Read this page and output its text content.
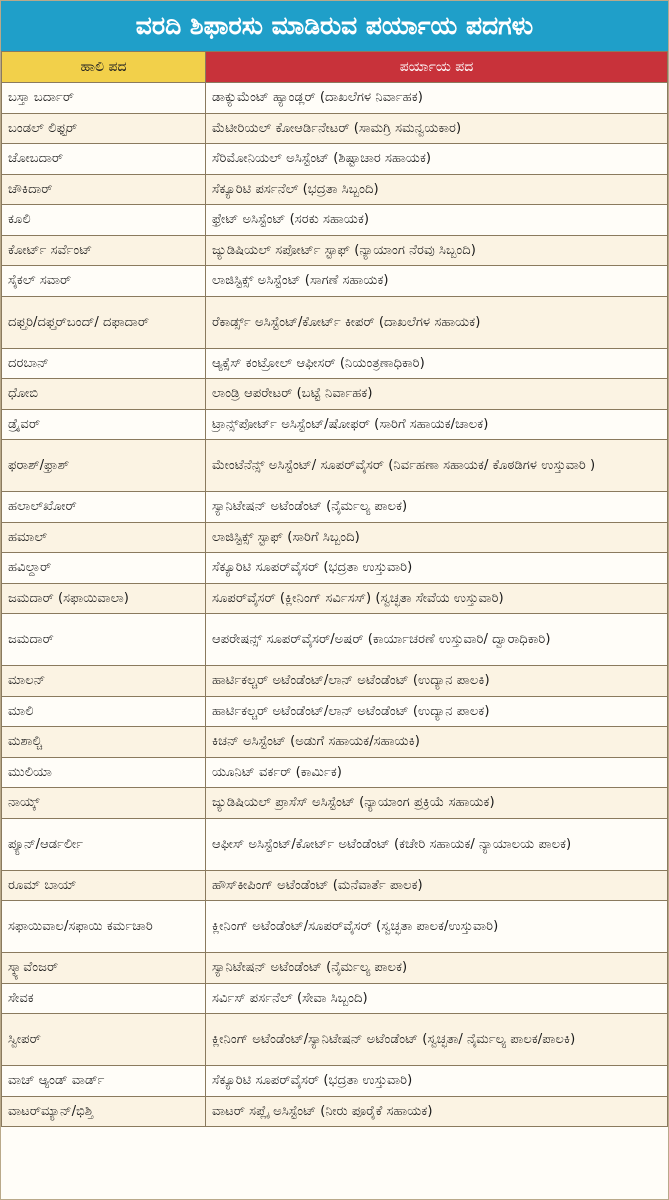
ವರದಿ ಶಿಫಾರಸು ಮಾಡಿರುವ ಪರ್ಯಾಯ ಪದಗಳು
ಹಾಲಿ ಪದ	ಪರ್ಯಾಯ ಪದ
ಬಸ್ತಾ ಬರ್ದಾರ್	ಡಾಕ್ಯುಮೆಂಟ್ ಹ್ಯಾಂಡ್ಲರ್ (ದಾಖಲೆಗಳ ನಿರ್ವಾಹಕ)
ಬಂಡಲ್ ಲಿಫ್ಟರ್	ಮೆಟೀರಿಯಲ್ ಕೋಆರ್ಡಿನೇಟರ್ (ಸಾಮಗ್ರಿ ಸಮನ್ವಯಕಾರ)
ಚೋಬದಾರ್	ಸೆರಿಮೋನಿಯಲ್ ಅಸಿಸ್ಟೆಂಟ್ (ಶಿಷ್ಟಾಚಾರ ಸಹಾಯಕ)
ಚೌಕಿದಾರ್	ಸೆಕ್ಯೂರಿಟಿ ಪರ್ಸನೆಲ್ (ಭದ್ರತಾ ಸಿಬ್ಬಂದಿ)
ಕೂಲಿ	ಫ್ರೇಟ್ ಅಸಿಸ್ಟೆಂಟ್ (ಸರಕು ಸಹಾಯಕ)
ಕೋರ್ಟ್ ಸರ್ವೆಂಟ್	ಜ್ಯುಡಿಷಿಯಲ್ ಸಪೋರ್ಟ್ ಸ್ಟಾಫ್ (ನ್ಯಾಯಾಂಗ ನೆರವು ಸಿಬ್ಬಂದಿ)
ಸೈಕಲ್ ಸವಾರ್	ಲಾಜಿಸ್ಟಿಕ್ಸ್ ಅಸಿಸ್ಟೆಂಟ್ (ಸಾಗಣೆ ಸಹಾಯಕ)
ದಫ್ತರಿ/ದಫ್ತರ್‌ಬಂದ್/ ದಫಾದಾರ್	ರೆಕಾರ್ಡ್ಸ್ ಅಸಿಸ್ಟೆಂಟ್/ಕೋರ್ಟ್ ಕೀಪರ್ (ದಾಖಲೆಗಳ ಸಹಾಯಕ)
ದರಬಾನ್	ಆ್ಯಕ್ಸೆಸ್ ಕಂಟ್ರೋಲ್ ಆಫೀಸರ್ (ನಿಯಂತ್ರಣಾಧಿಕಾರಿ)
ಧೋಬಿ	ಲಾಂಡ್ರಿ ಆಪರೇಟರ್ (ಬಟ್ಟೆ ನಿರ್ವಾಹಕ)
ಡ್ರೈವರ್	ಟ್ರಾನ್ಸ್‌ಪೋರ್ಟ್ ಅಸಿಸ್ಟೆಂಟ್/ಷೋಫರ್ (ಸಾರಿಗೆ ಸಹಾಯಕ/ಚಾಲಕ)
ಫರಾಶ್/ಫ್ರಾಶ್	ಮೇಂಟೆನೆನ್ಸ್ ಅಸಿಸ್ಟೆಂಟ್/ ಸೂಪರ್‌ವೈಸರ್ (ನಿರ್ವಹಣಾ ಸಹಾಯಕ/ ಕೊಠಡಿಗಳ ಉಸ್ತುವಾರಿ )
ಹಲಾಲ್‌ಖೋರ್	ಸ್ಯಾನಿಟೇಷನ್ ಅಟೆಂಡೆಂಟ್ (ನೈರ್ಮಲ್ಯ ಪಾಲಕ)
ಹಮಾಲ್	ಲಾಜಿಸ್ಟಿಕ್ಸ್ ಸ್ಟಾಫ್ (ಸಾರಿಗೆ ಸಿಬ್ಬಂದಿ)
ಹವಿಲ್ದಾರ್	ಸೆಕ್ಯೂರಿಟಿ ಸೂಪರ್‌ವೈಸರ್ (ಭದ್ರತಾ ಉಸ್ತುವಾರಿ)
ಜಮದಾರ್ (ಸಫಾಯಿವಾಲಾ)	ಸೂಪರ್‌ವೈಸರ್ (ಕ್ಲೀನಿಂಗ್ ಸರ್ವಿಸಸ್) (ಸ್ವಚ್ಛತಾ ಸೇವೆಯ ಉಸ್ತುವಾರಿ)
ಜಮದಾರ್	ಆಪರೇಷನ್ಸ್ ಸೂಪರ್‌ವೈಸರ್/ಅಷರ್ (ಕಾರ್ಯಾಚರಣೆ ಉಸ್ತುವಾರಿ/ ದ್ವಾರಾಧಿಕಾರಿ)
ಮಾಲನ್	ಹಾರ್ಟಿಕಲ್ಚರ್ ಅಟೆಂಡೆಂಟ್/ಲಾನ್ ಅಟೆಂಡೆಂಟ್ (ಉದ್ಯಾನ ಪಾಲಕಿ)
ಮಾಲಿ	ಹಾರ್ಟಿಕಲ್ಚರ್ ಅಟೆಂಡೆಂಟ್/ಲಾನ್ ಅಟೆಂಡೆಂಟ್ (ಉದ್ಯಾನ ಪಾಲಕ)
ಮಶಾಲ್ಚಿ	ಕಿಚನ್ ಅಸಿಸ್ಟೆಂಟ್ (ಅಡುಗೆ ಸಹಾಯಕ/ಸಹಾಯಕಿ)
ಮುಲಿಯಾ	ಯೂನಿಟ್ ವರ್ಕರ್ (ಕಾರ್ಮಿಕ)
ನಾಯ್ಕ್	ಜ್ಯುಡಿಷಿಯಲ್ ಪ್ರಾಸೆಸ್ ಅಸಿಸ್ಟೆಂಟ್ (ನ್ಯಾಯಾಂಗ ಪ್ರಕ್ರಿಯೆ ಸಹಾಯಕ)
ಪ್ಯೂನ್/ಆರ್ಡರ್ಲೀ	ಆಫೀಸ್ ಅಸಿಸ್ಟೆಂಟ್/ಕೋರ್ಟ್ ಅಟೆಂಡೆಂಟ್ (ಕಚೇರಿ ಸಹಾಯಕ/ ನ್ಯಾಯಾಲಯ ಪಾಲಕ)
ರೂಮ್ ಬಾಯ್	ಹೌಸ್‌ಕೀಪಿಂಗ್ ಅಟೆಂಡೆಂಟ್ (ಮನೆವಾರ್ತೆ ಪಾಲಕ)
ಸಫಾಯಿವಾಲ/ಸಫಾಯಿ ಕರ್ಮಚಾರಿ	ಕ್ಲೀನಿಂಗ್ ಅಟೆಂಡೆಂಟ್/ಸೂಪರ್‌ವೈಸರ್ (ಸ್ವಚ್ಛತಾ ಪಾಲಕ/ಉಸ್ತುವಾರಿ)
ಸ್ಕ್ಯಾವೆಂಜರ್	ಸ್ಯಾನಿಟೇಷನ್ ಅಟೆಂಡೆಂಟ್ (ನೈರ್ಮಲ್ಯ ಪಾಲಕ)
ಸೇವಕ	ಸರ್ವಿಸ್ ಪರ್ಸನೆಲ್ (ಸೇವಾ ಸಿಬ್ಬಂದಿ)
ಸ್ವೀಪರ್	ಕ್ಲೀನಿಂಗ್ ಅಟೆಂಡೆಂಟ್/ಸ್ಯಾನಿಟೇಷನ್ ಅಟೆಂಡೆಂಟ್ (ಸ್ವಚ್ಛತಾ/ ನೈರ್ಮಲ್ಯ ಪಾಲಕ/ಪಾಲಕಿ)
ವಾಚ್ ಆ್ಯಂಡ್ ವಾರ್ಡ್	ಸೆಕ್ಯೂರಿಟಿ ಸೂಪರ್‌ವೈಸರ್ (ಭದ್ರತಾ ಉಸ್ತುವಾರಿ)
ವಾಟರ್‌ಮ್ಯಾನ್/ಭಿಶ್ತಿ	ವಾಟರ್ ಸಪ್ಲೈ ಅಸಿಸ್ಟೆಂಟ್ (ನೀರು ಪೂರೈಕೆ ಸಹಾಯಕ)
